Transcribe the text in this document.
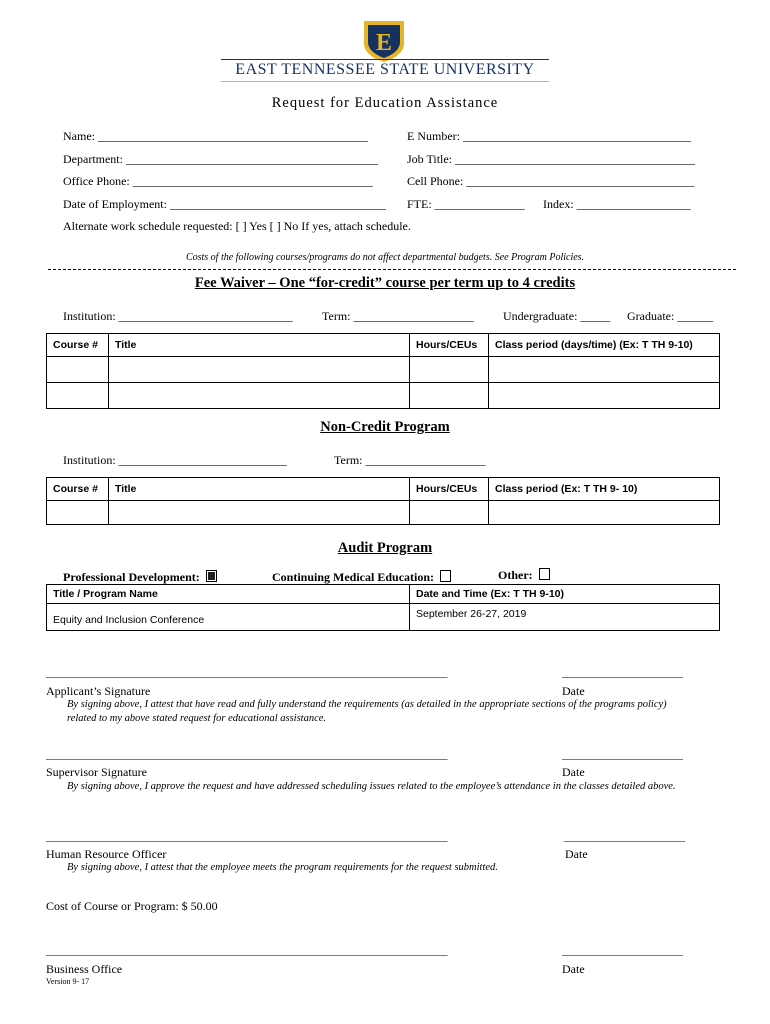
E
EAST TENNESSEE STATE UNIVERSITY
Request for Education Assistance
Name: _____________________________________________	E Number: ______________________________________
Department: __________________________________________ Job Title: ________________________________________
Office Phone: ________________________________________	Cell Phone: ______________________________________
Date of Employment: ____________________________________ FTE: _______________ Index: ___________________
Alternate work schedule requested: [ ] Yes [ ] No If yes, attach schedule.
Costs of the following courses/programs do not affect departmental budgets. See Program Policies.
Fee Waiver – One “for-credit” course per term up to 4 credits
Institution: _____________________________ Term: ____________________ Undergraduate: _____ Graduate: ______
Course #	Title	Hours/CEUs	Class period (days/time) (Ex: T TH 9-10)

Non-Credit Program
Institution: ____________________________	Term: ____________________
Course #	Title	Hours/CEUs	Class period (Ex: T TH 9- 10)

Audit Program
Professional Development:	Continuing Medical Education:	Other:
Title / Program Name	Date and Time (Ex: T TH 9-10)
Equity and Inclusion Conference	September 26-27, 2019
_________________________________________________________________________	______________________
Applicant’s Signature	Date
By signing above, I attest that have read and fully understand the requirements (as detailed in the appropriate sections of the programs policy) related to my above stated request for educational assistance.
_________________________________________________________________________	______________________
Supervisor Signature	Date
By signing above, I approve the request and have addressed scheduling issues related to the employee’s attendance in the classes detailed above.
_________________________________________________________________________	______________________
Human Resource Officer	Date
By signing above, I attest that the employee meets the program requirements for the request submitted.
Cost of Course or Program: $ 50.00
_________________________________________________________________________	______________________
Business Office	Date
Version 9- 17
